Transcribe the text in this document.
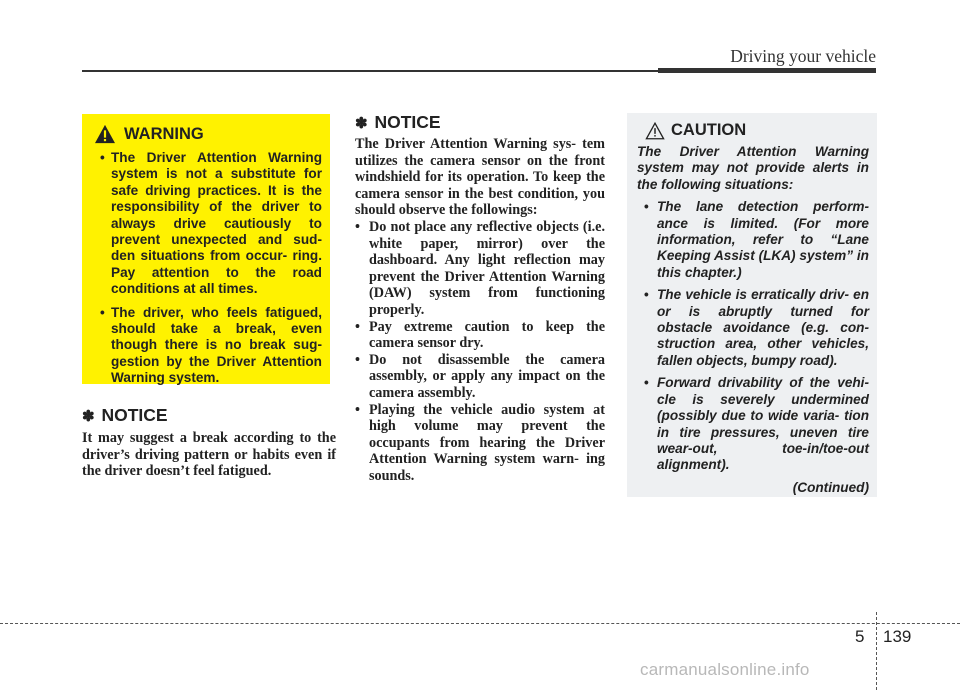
Driving your vehicle
WARNING
• The Driver Attention Warning system is not a substitute for safe driving practices. It is the responsibility of the driver to always drive cautiously to prevent unexpected and sud- den situations from occur- ring. Pay attention to the road conditions at all times.
• The driver, who feels fatigued, should take a break, even though there is no break sug- gestion by the Driver Attention Warning system.
✽ NOTICE

It may suggest a break according to the driver’s driving pattern or habits even if the driver doesn’t feel fatigued.

✽ NOTICE

The Driver Attention Warning sys- tem utilizes the camera sensor on the front windshield for its operation. To keep the camera sensor in the best condition, you should observe the followings:

• Do not place any reflective objects (i.e. white paper, mirror) over the dashboard. Any light reflection may prevent the Driver Attention Warning (DAW) system from functioning properly.
• Pay extreme caution to keep the camera sensor dry.
• Do not disassemble the camera assembly, or apply any impact on the camera assembly.
• Playing the vehicle audio system at high volume may prevent the occupants from hearing the Driver Attention Warning system warn- ing sounds.
CAUTION

The Driver Attention Warning system may not provide alerts in the following situations:

• The lane detection perform- ance is limited. (For more information, refer to “Lane Keeping Assist (LKA) system” in this chapter.)
• The vehicle is erratically driv- en or is abruptly turned for obstacle avoidance (e.g. con- struction area, other vehicles, fallen objects, bumpy road).
• Forward drivability of the vehi- cle is severely undermined (possibly due to wide varia- tion in tire pressures, uneven tire wear-out, toe-in/toe-out alignment).
(Continued)
5 139
carmanualsonline.info
